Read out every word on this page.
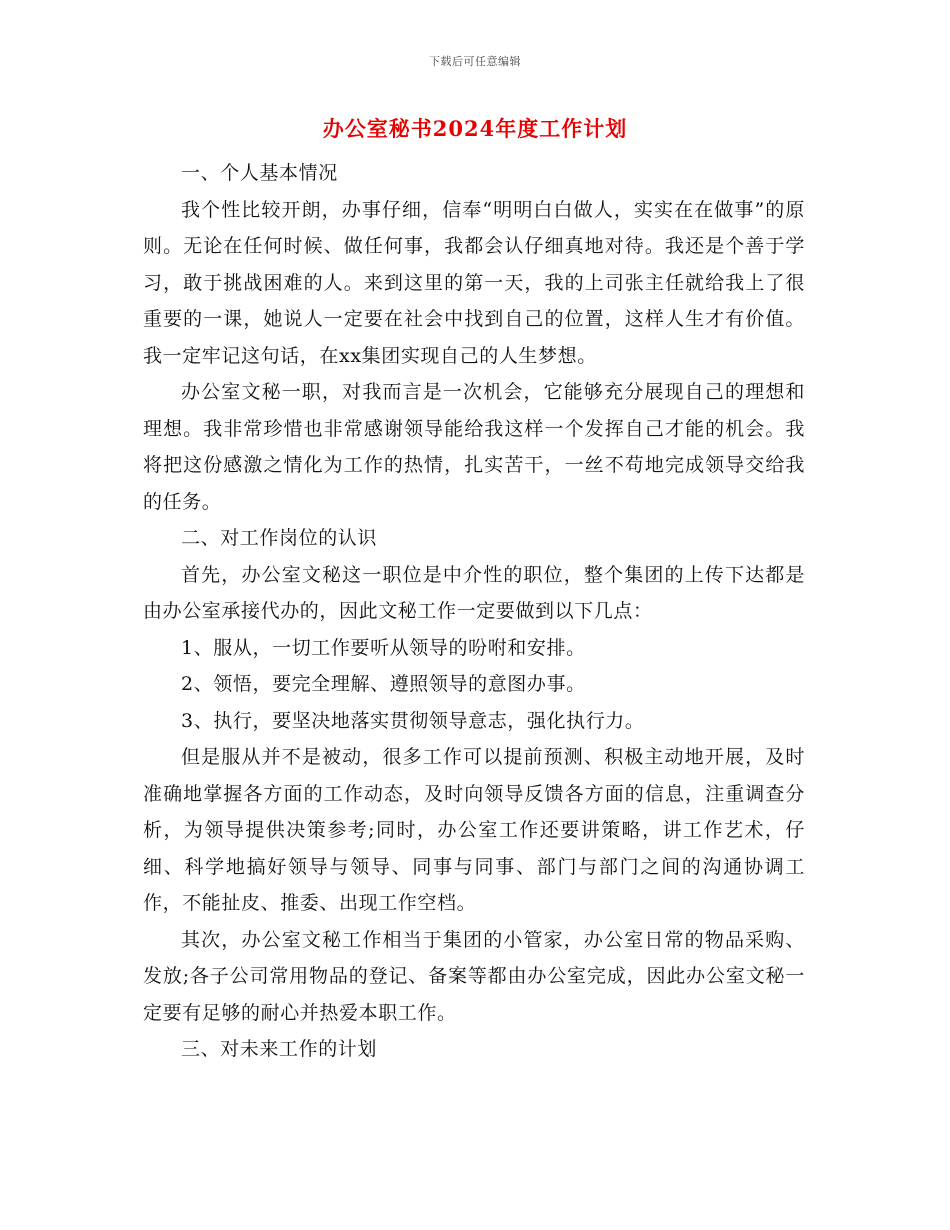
下载后可任意编辑
办公室秘书2024年度工作计划

一、个人基本情况

我个性比较开朗，办事仔细，信奉“明明白白做人，实实在在做事”的原则。无论在任何时候、做任何事，我都会认仔细真地对待。我还是个善于学习，敢于挑战困难的人。来到这里的第一天，我的上司张主任就给我上了很重要的一课，她说人一定要在社会中找到自己的位置，这样人生才有价值。我一定牢记这句话，在xx集团实现自己的人生梦想。

办公室文秘一职，对我而言是一次机会，它能够充分展现自己的理想和理想。我非常珍惜也非常感谢领导能给我这样一个发挥自己才能的机会。我将把这份感激之情化为工作的热情，扎实苦干，一丝不苟地完成领导交给我的任务。

二、对工作岗位的认识

首先，办公室文秘这一职位是中介性的职位，整个集团的上传下达都是由办公室承接代办的，因此文秘工作一定要做到以下几点：

1、服从，一切工作要听从领导的吩咐和安排。

2、领悟，要完全理解、遵照领导的意图办事。

3、执行，要坚决地落实贯彻领导意志，强化执行力。

但是服从并不是被动，很多工作可以提前预测、积极主动地开展，及时准确地掌握各方面的工作动态，及时向领导反馈各方面的信息，注重调查分析，为领导提供决策参考;同时，办公室工作还要讲策略，讲工作艺术，仔细、科学地搞好领导与领导、同事与同事、部门与部门之间的沟通协调工作，不能扯皮、推委、出现工作空档。

其次，办公室文秘工作相当于集团的小管家，办公室日常的物品采购、发放;各子公司常用物品的登记、备案等都由办公室完成，因此办公室文秘一定要有足够的耐心并热爱本职工作。

三、对未来工作的计划
